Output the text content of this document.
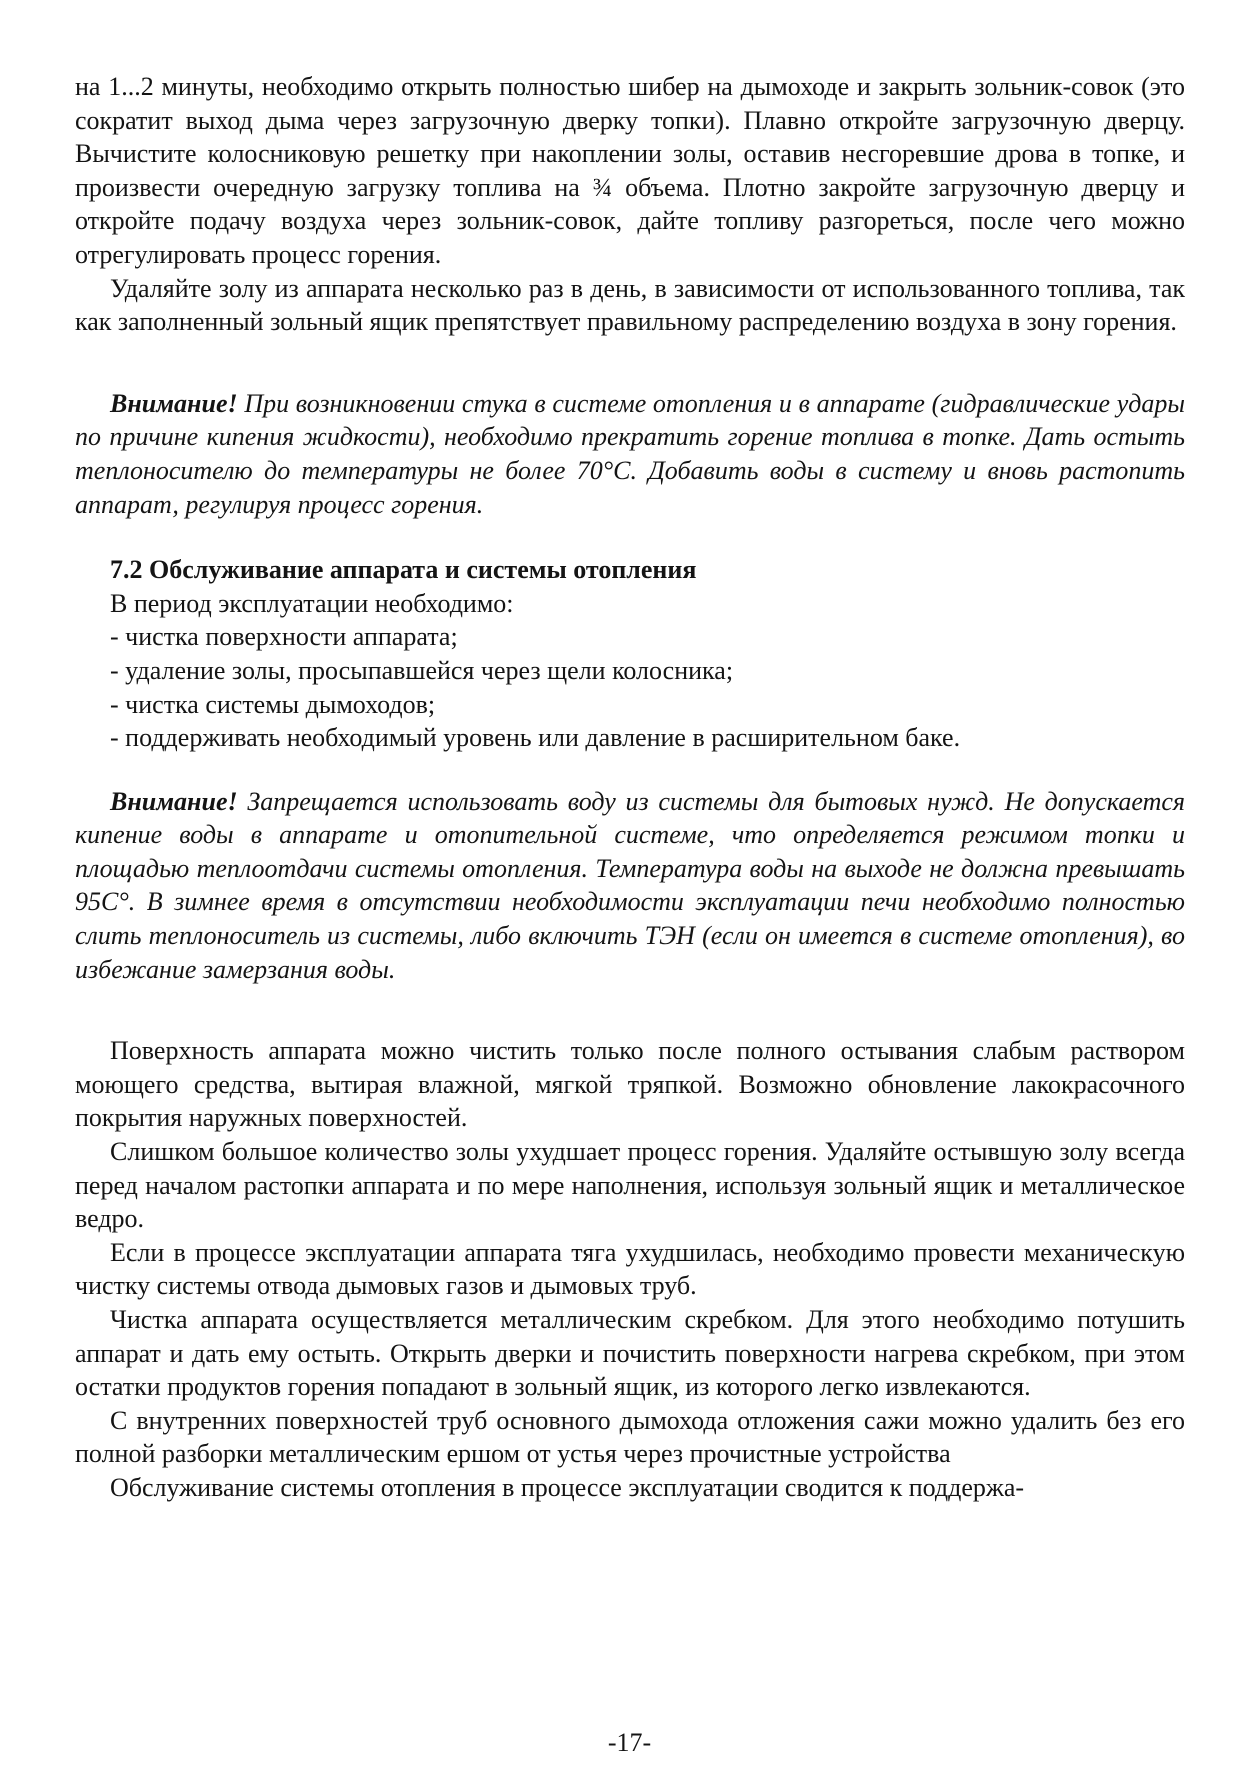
на 1...2 минуты, необходимо открыть полностью шибер на дымоходе и закрыть зольник-совок (это сократит выход дыма через загрузочную дверку топки). Плавно откройте загрузочную дверцу. Вычистите колосниковую решетку при накоплении золы, оставив несгоревшие дрова в топке, и произвести очередную загрузку топлива на ¾ объема. Плотно закройте загрузочную дверцу и откройте подачу воздуха через зольник-совок, дайте топливу разгореться, после чего можно отрегулировать процесс горения.

Удаляйте золу из аппарата несколько раз в день, в зависимости от использованного топлива, так как заполненный зольный ящик препятствует правильному распределению воздуха в зону горения.

Внимание! При возникновении стука в системе отопления и в аппарате (гидравлические удары по причине кипения жидкости), необходимо прекратить горение топлива в топке. Дать остыть теплоносителю до температуры не более 70°С. Добавить воды в систему и вновь растопить аппарат, регулируя процесс горения.

7.2 Обслуживание аппарата и системы отопления

В период эксплуатации необходимо:

- чистка поверхности аппарата;
- удаление золы, просыпавшейся через щели колосника;
- чистка системы дымоходов;
- поддерживать необходимый уровень или давление в расширительном баке.

Внимание! Запрещается использовать воду из системы для бытовых нужд. Не допускается кипение воды в аппарате и отопительной системе, что определяется режимом топки и площадью теплоотдачи системы отопления. Температура воды на выходе не должна превышать 95С°. В зимнее время в отсутствии необходимости эксплуатации печи необходимо полностью слить теплоноситель из системы, либо включить ТЭН (если он имеется в системе отопления), во избежание замерзания воды.

Поверхность аппарата можно чистить только после полного остывания слабым раствором моющего средства, вытирая влажной, мягкой тряпкой. Возможно обновление лакокрасочного покрытия наружных поверхностей.

Слишком большое количество золы ухудшает процесс горения. Удаляйте остывшую золу всегда перед началом растопки аппарата и по мере наполнения, используя зольный ящик и металлическое ведро.

Если в процессе эксплуатации аппарата тяга ухудшилась, необходимо провести механическую чистку системы отвода дымовых газов и дымовых труб.

Чистка аппарата осуществляется металлическим скребком. Для этого необходимо потушить аппарат и дать ему остыть. Открыть дверки и почистить поверхности нагрева скребком, при этом остатки продуктов горения попадают в зольный ящик, из которого легко извлекаются.

С внутренних поверхностей труб основного дымохода отложения сажи можно удалить без его полной разборки металлическим ершом от устья через прочистные устройства

Обслуживание системы отопления в процессе эксплуатации сводится к поддержа-

-17-
